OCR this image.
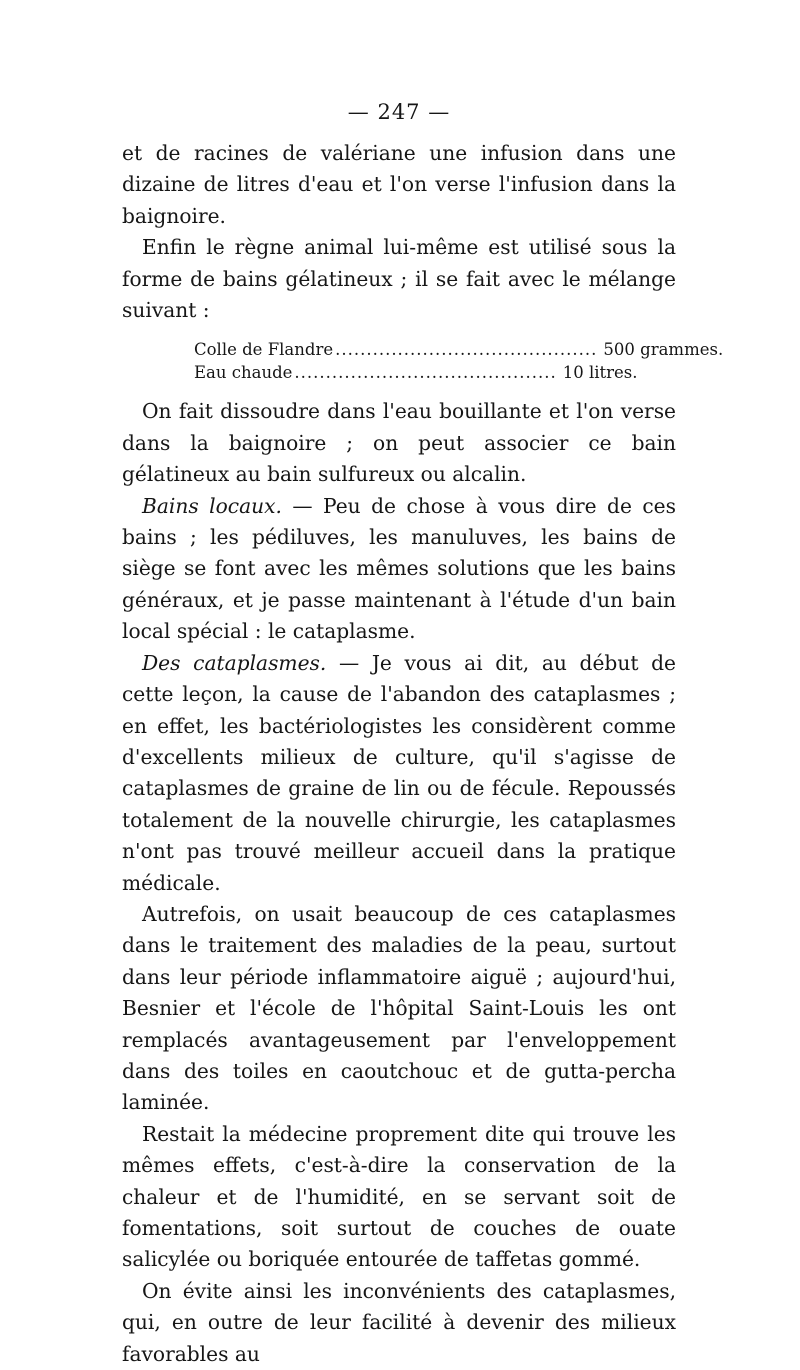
— 247 —

et de racines de valériane une infusion dans une dizaine de litres d'eau et l'on verse l'infusion dans la baignoire.

Enfin le règne animal lui-même est utilisé sous la forme de bains gélatineux ; il se fait avec le mélange suivant :

Colle de Flandre .......................................... 500 grammes.
Eau chaude .......................................... 10 litres.

On fait dissoudre dans l'eau bouillante et l'on verse dans la baignoire ; on peut associer ce bain gélatineux au bain sulfureux ou alcalin.

Bains locaux. — Peu de chose à vous dire de ces bains ; les pédiluves, les manuluves, les bains de siège se font avec les mêmes solutions que les bains généraux, et je passe maintenant à l'étude d'un bain local spécial : le cataplasme.

Des cataplasmes. — Je vous ai dit, au début de cette leçon, la cause de l'abandon des cataplasmes ; en effet, les bactériologistes les considèrent comme d'excellents milieux de culture, qu'il s'agisse de cataplasmes de graine de lin ou de fécule. Repoussés totalement de la nouvelle chirurgie, les cataplasmes n'ont pas trouvé meilleur accueil dans la pratique médicale.

Autrefois, on usait beaucoup de ces cataplasmes dans le traitement des maladies de la peau, surtout dans leur période inflammatoire aiguë ; aujourd'hui, Besnier et l'école de l'hôpital Saint-Louis les ont remplacés avantageusement par l'enveloppement dans des toiles en caoutchouc et de gutta-percha laminée.

Restait la médecine proprement dite qui trouve les mêmes effets, c'est-à-dire la conservation de la chaleur et de l'humidité, en se servant soit de fomentations, soit surtout de couches de ouate salicylée ou boriquée entourée de taffetas gommé.

On évite ainsi les inconvénients des cataplasmes, qui, en outre de leur facilité à devenir des milieux favorables au
